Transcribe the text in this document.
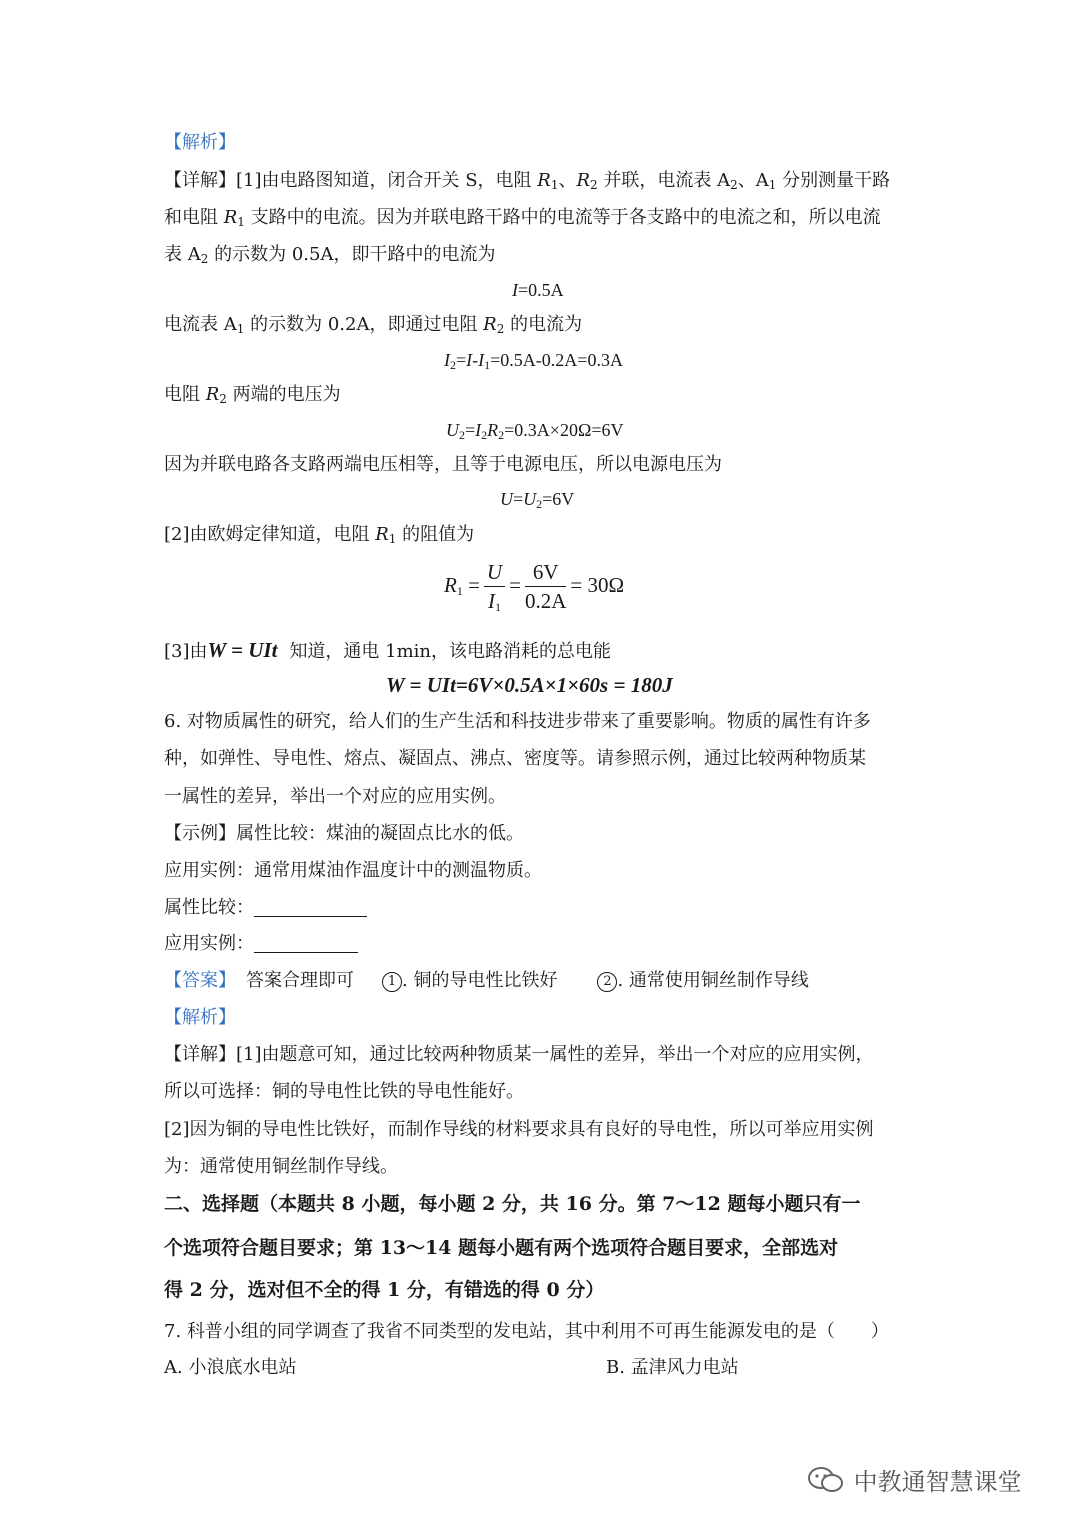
【解析】
【详解】[1]由电路图知道，闭合开关 S，电阻 $R_1$、$R_2$ 并联，电流表 $A_2$、$A_1$ 分别测量干路
和电阻 $R_1$ 支路中的电流。因为并联电路干路中的电流等于各支路中的电流之和，所以电流
表 $A_2$ 的示数为 0.5A，即干路中的电流为
I=0.5A
电流表 $A_1$ 的示数为 0.2A，即通过电阻 $R_2$ 的电流为
$I_2=I-I_1=0.5A-0.2A=0.3A$
电阻 $R_2$ 两端的电压为
$U_2=I_2R_2=0.3A\times 20\Omega=6V$
因为并联电路各支路两端电压相等，且等于电源电压，所以电源电压为
$U=U_2=6V$
[2]由欧姆定律知道，电阻 $R_1$ 的阻值为
$R_1 = \frac{U}{I_1} = \frac{6V}{0.2A} = 30\Omega$
[3]由W = UIt 知道，通电 1min，该电路消耗的总电能
W = UIt=6V×0.5A×1×60s = 180J
6. 对物质属性的研究，给人们的生产生活和科技进步带来了重要影响。物质的属性有许多
种，如弹性、导电性、熔点、凝固点、沸点、密度等。请参照示例，通过比较两种物质某
一属性的差异，举出一个对应的应用实例。
【示例】属性比较：煤油的凝固点比水的低。
应用实例：通常用煤油作温度计中的测温物质。
属性比较：
应用实例：
【答案】 答案合理即可	1 . 铜的导电性比铁好	2 . 通常使用铜丝制作导线
【解析】
【详解】[1]由题意可知，通过比较两种物质某一属性的差异，举出一个对应的应用实例，
所以可选择：铜的导电性比铁的导电性能好。
[2]因为铜的导电性比铁好，而制作导线的材料要求具有良好的导电性，所以可举应用实例
为：通常使用铜丝制作导线。
二、选择题（本题共 8 小题，每小题 2 分，共 16 分。第 7～12 题每小题只有一
个选项符合题目要求；第 13～14 题每小题有两个选项符合题目要求，全部选对
得 2 分，选对但不全的得 1 分，有错选的得 0 分）
7. 科普小组的同学调查了我省不同类型的发电站，其中利用不可再生能源发电的是（　　）
A. 小浪底水电站	B. 孟津风力电站
中教通智慧课堂
